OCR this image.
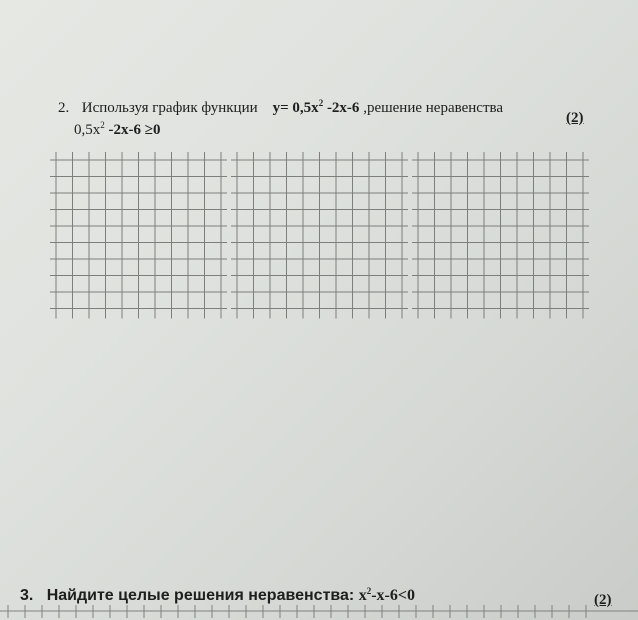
2. Используя график функции $y= 0,5x^2$ -2x-6 ,решение неравенства
$0,5x^2$ -2x-6 ≥0
(2)
3. Найдите целые решения неравенства: $x^2-x-6<0$	(2)
